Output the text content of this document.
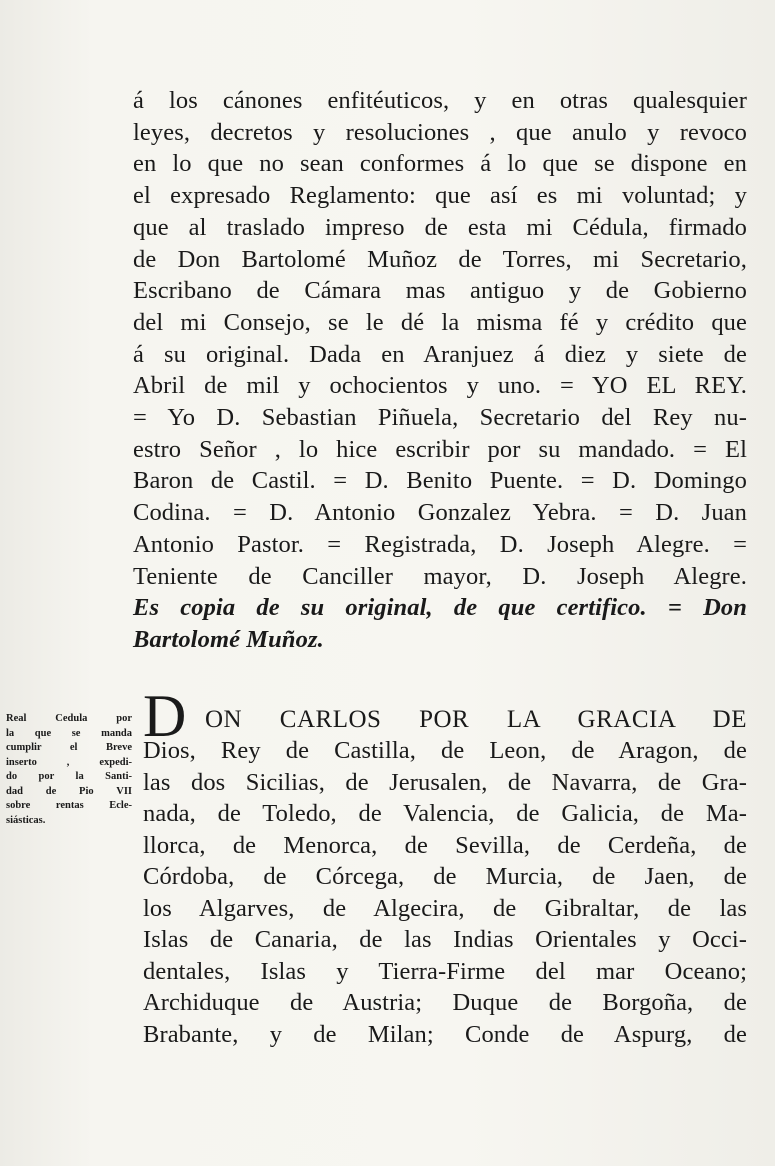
á los cánones enfitéuticos, y en otras qualesquier
leyes, decretos y resoluciones , que anulo y revoco
en lo que no sean conformes á lo que se dispone en
el expresado Reglamento: que así es mi voluntad; y
que al traslado impreso de esta mi Cédula, firmado
de Don Bartolomé Muñoz de Torres, mi Secretario,
Escribano de Cámara mas antiguo y de Gobierno
del mi Consejo, se le dé la misma fé y crédito que
á su original. Dada en Aranjuez á diez y siete de
Abril de mil y ochocientos y uno. = YO EL REY.
= Yo D. Sebastian Piñuela, Secretario del Rey nu-
estro Señor , lo hice escribir por su mandado. = El
Baron de Castil. = D. Benito Puente. = D. Domingo
Codina. = D. Antonio Gonzalez Yebra. = D. Juan
Antonio Pastor. = Registrada, D. Joseph Alegre. =
Teniente de Canciller mayor, D. Joseph Alegre.
Es copia de su original, de que certifico. = Don
Bartolomé Muñoz.
Real Cedula por
la que se manda
cumplir el Breve
inserto , expedi-
do por la Santi-
dad de Pio VII
sobre rentas Ecle-
siásticas.
D ON CARLOS POR LA GRACIA DE
Dios, Rey de Castilla, de Leon, de Aragon, de
las dos Sicilias, de Jerusalen, de Navarra, de Gra-
nada, de Toledo, de Valencia, de Galicia, de Ma-
llorca, de Menorca, de Sevilla, de Cerdeña, de
Córdoba, de Córcega, de Murcia, de Jaen, de
los Algarves, de Algecira, de Gibraltar, de las
Islas de Canaria, de las Indias Orientales y Occi-
dentales, Islas y Tierra-Firme del mar Oceano;
Archiduque de Austria; Duque de Borgoña, de
Brabante, y de Milan; Conde de Aspurg, de
